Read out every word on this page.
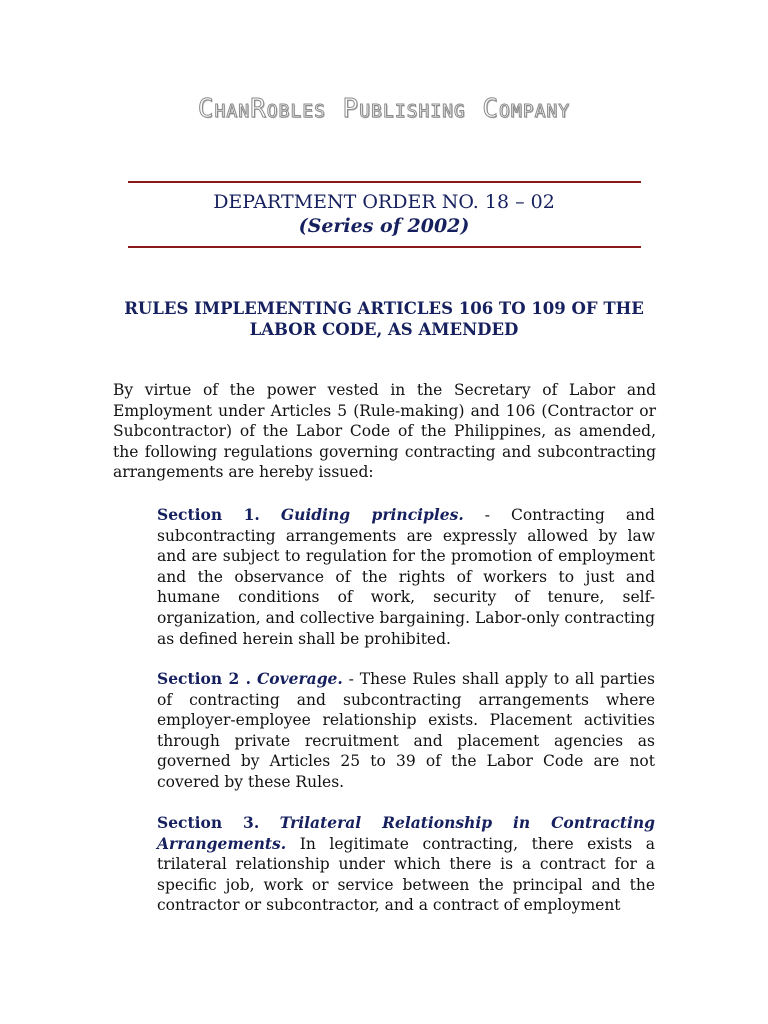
ChanRobles Publishing Company
DEPARTMENT ORDER NO. 18 – 02
(Series of 2002)
RULES IMPLEMENTING ARTICLES 106 TO 109 OF THE LABOR CODE, AS AMENDED
By virtue of the power vested in the Secretary of Labor and Employment under Articles 5 (Rule-making) and 106 (Contractor or Subcontractor) of the Labor Code of the Philippines, as amended, the following regulations governing contracting and subcontracting arrangements are hereby issued:
Section 1. Guiding principles. - Contracting and subcontracting arrangements are expressly allowed by law and are subject to regulation for the promotion of employment and the observance of the rights of workers to just and humane conditions of work, security of tenure, self-organization, and collective bargaining. Labor-only contracting as defined herein shall be prohibited.
Section 2 . Coverage. - These Rules shall apply to all parties of contracting and subcontracting arrangements where employer-employee relationship exists. Placement activities through private recruitment and placement agencies as governed by Articles 25 to 39 of the Labor Code are not covered by these Rules.
Section 3. Trilateral Relationship in Contracting Arrangements. In legitimate contracting, there exists a trilateral relationship under which there is a contract for a specific job, work or service between the principal and the contractor or subcontractor, and a contract of employment
